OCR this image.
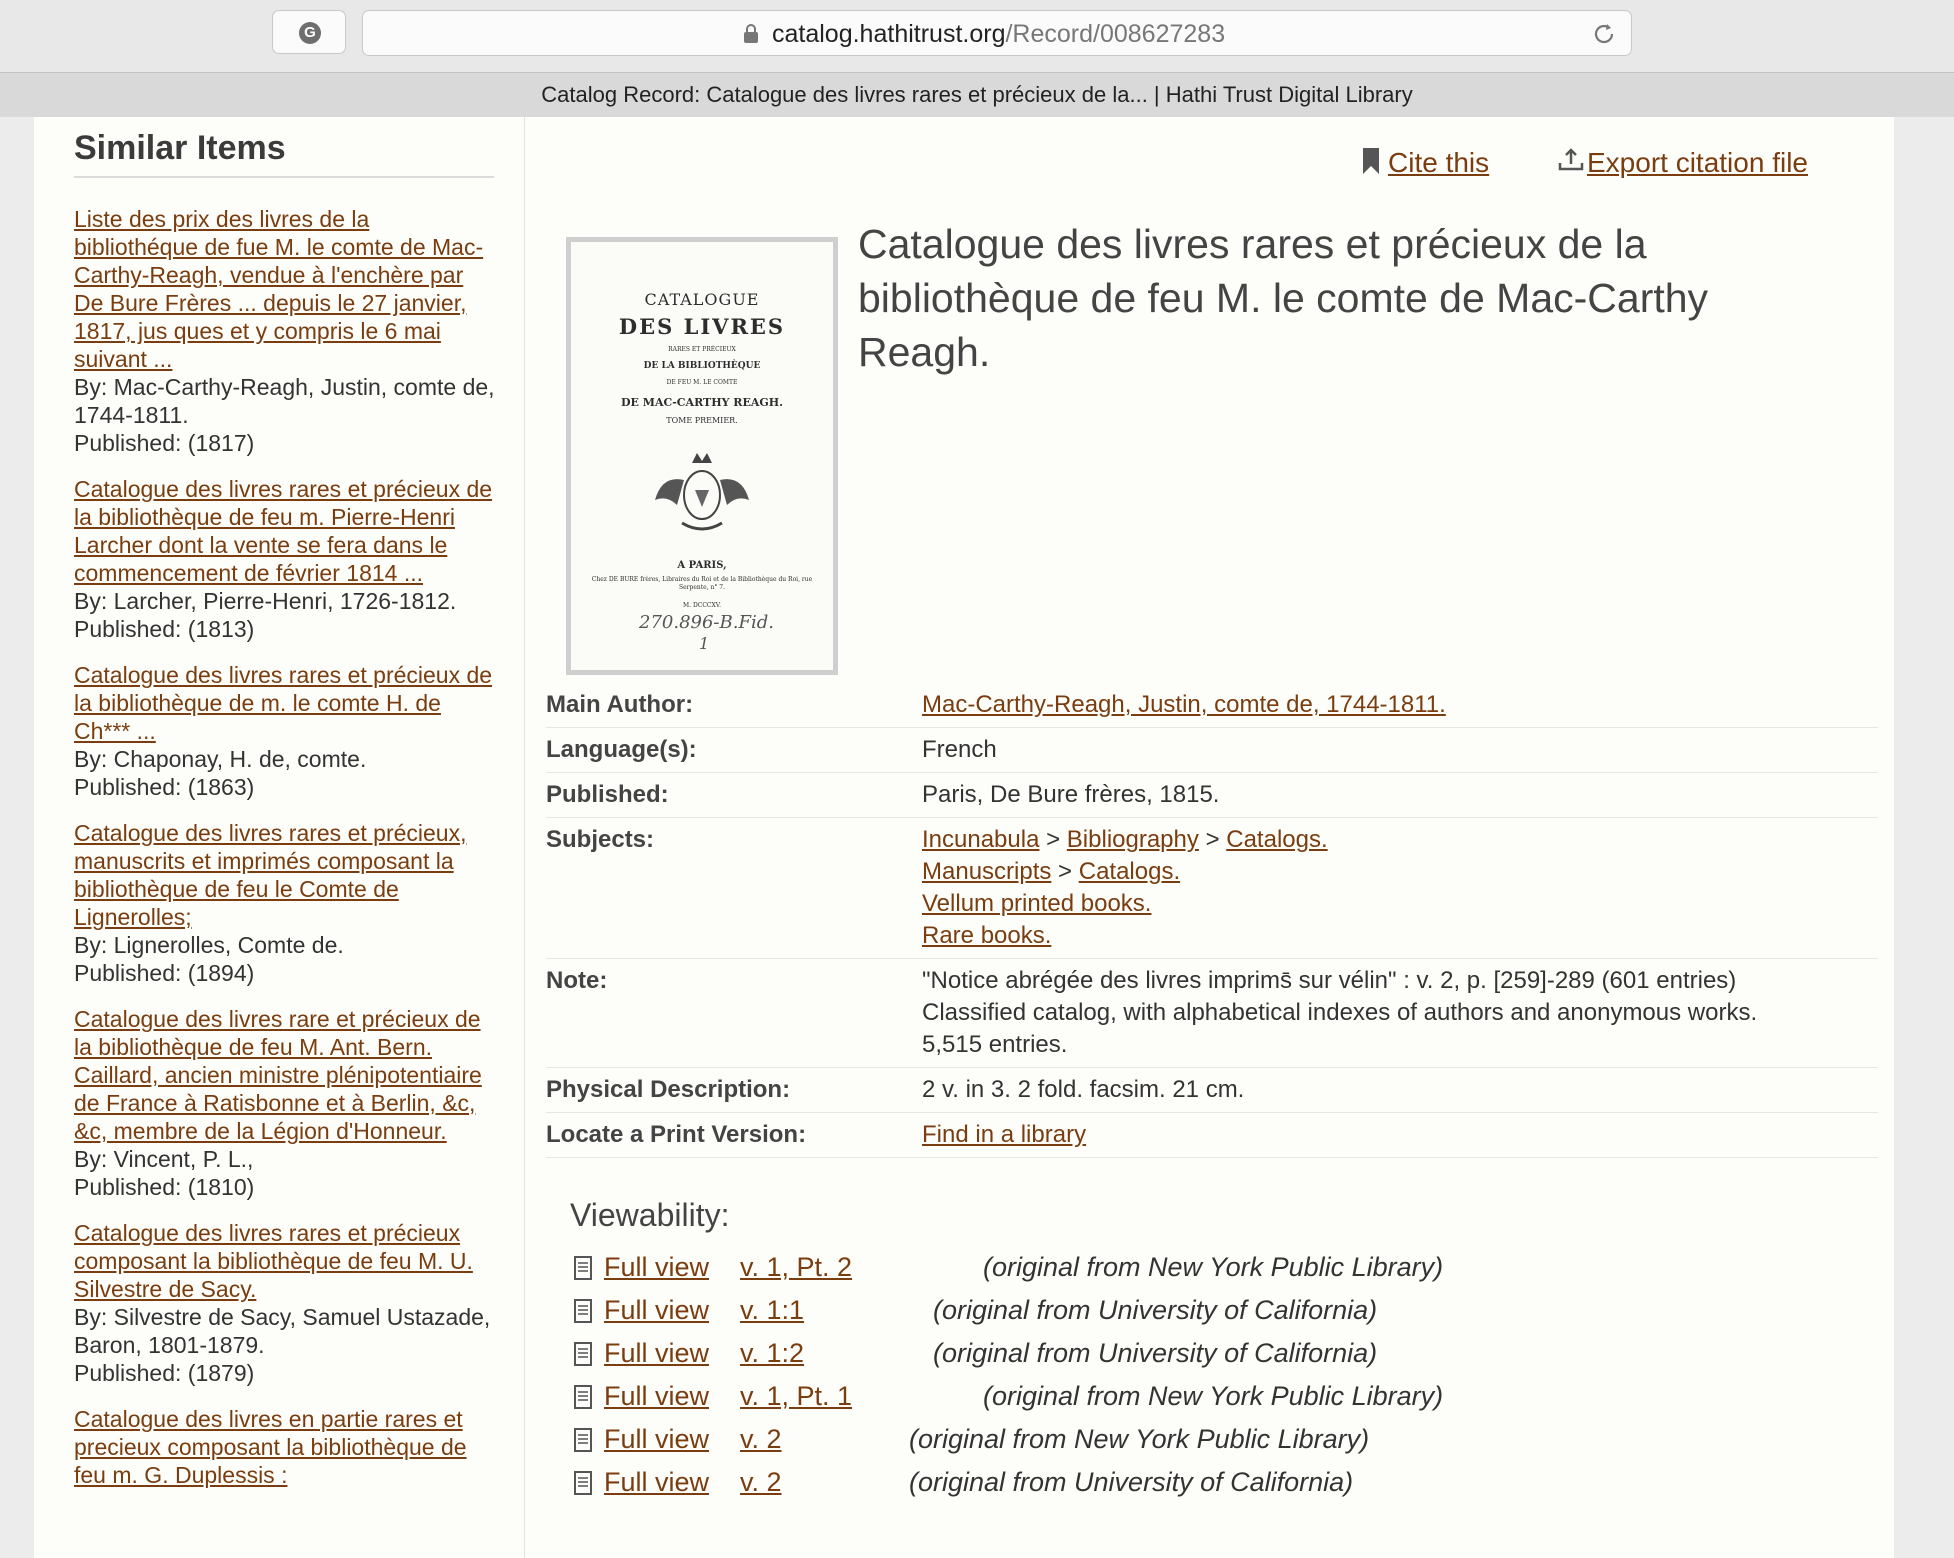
G	catalog.hathitrust.org/Record/008627283
Catalog Record: Catalogue des livres rares et précieux de la... | Hathi Trust Digital Library
Similar Items
Liste des prix des livres de la bibliothéque de fue M. le comte de Mac-Carthy-Reagh, vendue à l'enchère par De Bure Frères ... depuis le 27 janvier, 1817, jus ques et y compris le 6 mai suivant ...
By: Mac-Carthy-Reagh, Justin, comte de, 1744-1811.
Published: (1817)
Catalogue des livres rares et précieux de la bibliothèque de feu m. Pierre-Henri Larcher dont la vente se fera dans le commencement de février 1814 ...
By: Larcher, Pierre-Henri, 1726-1812.
Published: (1813)
Catalogue des livres rares et précieux de la bibliothèque de m. le comte H. de Ch*** ...
By: Chaponay, H. de, comte.
Published: (1863)
Catalogue des livres rares et précieux, manuscrits et imprimés composant la bibliothèque de feu le Comte de Lignerolles;
By: Lignerolles, Comte de.
Published: (1894)
Catalogue des livres rare et précieux de la bibliothèque de feu M. Ant. Bern. Caillard, ancien ministre plénipotentiaire de France à Ratisbonne et à Berlin, &c, &c, membre de la Légion d'Honneur.
By: Vincent, P. L.,
Published: (1810)
Catalogue des livres rares et précieux composant la bibliothèque de feu M. U. Silvestre de Sacy.
By: Silvestre de Sacy, Samuel Ustazade, Baron, 1801-1879.
Published: (1879)
Catalogue des livres en partie rares et precieux composant la bibliothèque de feu m. G. Duplessis :
Cite this	Export citation file
CATALOGUE
DES LIVRES
RARES ET PRÉCIEUX
DE LA BIBLIOTHÈQUE
DE FEU M. LE COMTE
DE MAC-CARTHY REAGH.
TOME PREMIER.
A PARIS,
Chez DE BURE frères, Libraires du Roi et de la Bibliothèque du Roi, rue Serpente, n° 7.
M. DCCCXV.
270.896-B.Fid.
1
Catalogue des livres rares et précieux de la bibliothèque de feu M. le comte de Mac-Carthy Reagh.
Main Author:	Mac-Carthy-Reagh, Justin, comte de, 1744-1811.
Language(s):	French
Published:	Paris, De Bure frères, 1815.
Subjects:	Incunabula > Bibliography > Catalogs.
Manuscripts > Catalogs.
Vellum printed books.
Rare books.
Note:	"Notice abrégée des livres imprims̄ sur vélin" : v. 2, p. [259]-289 (601 entries)
Classified catalog, with alphabetical indexes of authors and anonymous works.
5,515 entries.
Physical Description:	2 v. in 3. 2 fold. facsim. 21 cm.
Locate a Print Version:	Find in a library
Viewability:
Full view v. 1, Pt. 2	(original from New York Public Library)
Full view v. 1:1	(original from University of California)
Full view v. 1:2	(original from University of California)
Full view v. 1, Pt. 1	(original from New York Public Library)
Full view v. 2	(original from New York Public Library)
Full view v. 2	(original from University of California)
